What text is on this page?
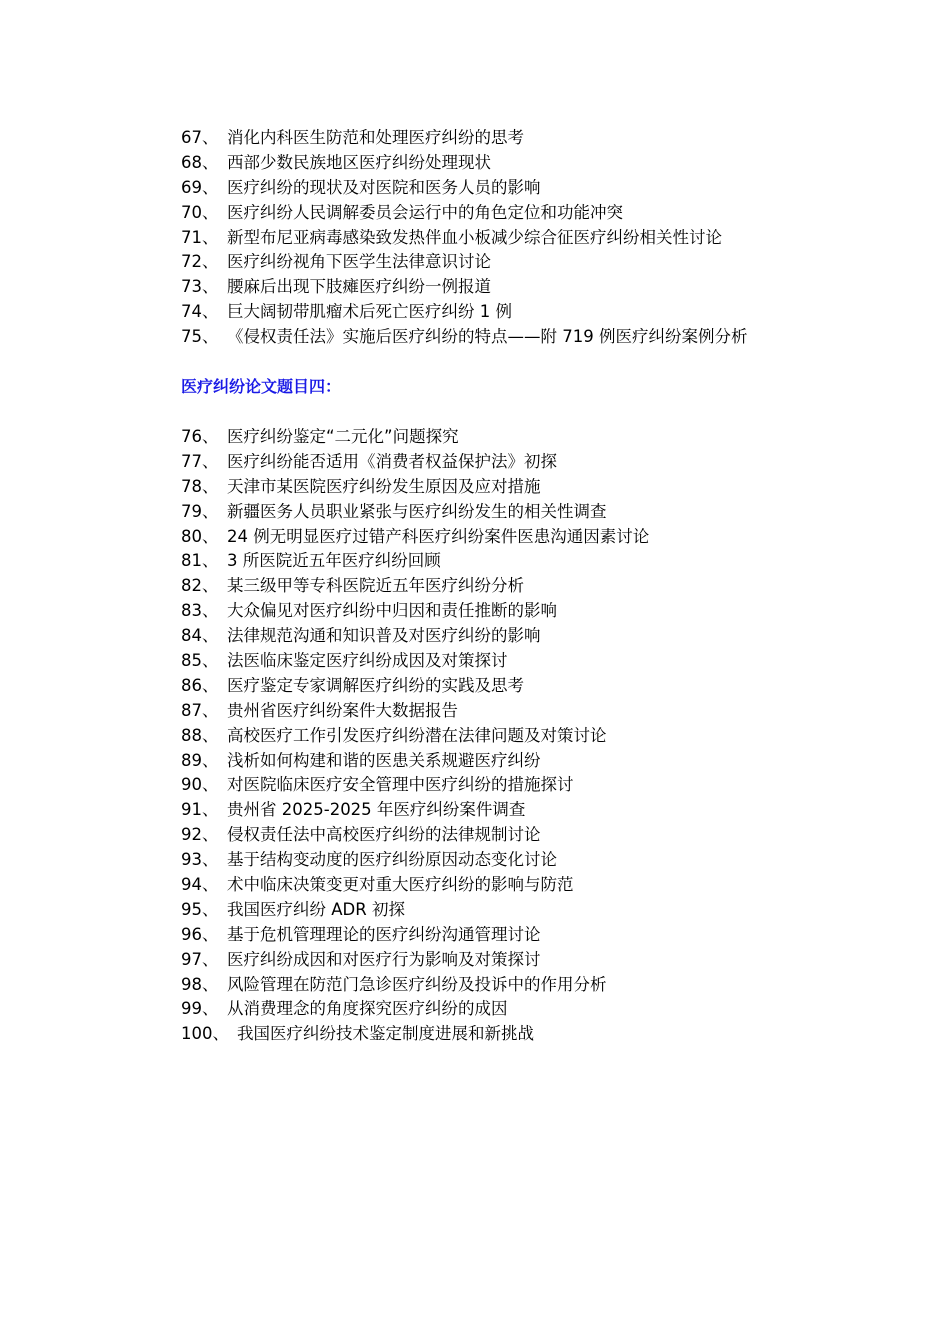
67、 消化内科医生防范和处理医疗纠纷的思考
68、 西部少数民族地区医疗纠纷处理现状
69、 医疗纠纷的现状及对医院和医务人员的影响
70、 医疗纠纷人民调解委员会运行中的角色定位和功能冲突
71、 新型布尼亚病毒感染致发热伴血小板减少综合征医疗纠纷相关性讨论
72、 医疗纠纷视角下医学生法律意识讨论
73、 腰麻后出现下肢瘫医疗纠纷一例报道
74、 巨大阔韧带肌瘤术后死亡医疗纠纷 1 例
75、 《侵权责任法》实施后医疗纠纷的特点——附 719 例医疗纠纷案例分析
医疗纠纷论文题目四：
76、 医疗纠纷鉴定“二元化”问题探究
77、 医疗纠纷能否适用《消费者权益保护法》初探
78、 天津市某医院医疗纠纷发生原因及应对措施
79、 新疆医务人员职业紧张与医疗纠纷发生的相关性调查
80、 24 例无明显医疗过错产科医疗纠纷案件医患沟通因素讨论
81、 3 所医院近五年医疗纠纷回顾
82、 某三级甲等专科医院近五年医疗纠纷分析
83、 大众偏见对医疗纠纷中归因和责任推断的影响
84、 法律规范沟通和知识普及对医疗纠纷的影响
85、 法医临床鉴定医疗纠纷成因及对策探讨
86、 医疗鉴定专家调解医疗纠纷的实践及思考
87、 贵州省医疗纠纷案件大数据报告
88、 高校医疗工作引发医疗纠纷潜在法律问题及对策讨论
89、 浅析如何构建和谐的医患关系规避医疗纠纷
90、 对医院临床医疗安全管理中医疗纠纷的措施探讨
91、 贵州省 2025-2025 年医疗纠纷案件调查
92、 侵权责任法中高校医疗纠纷的法律规制讨论
93、 基于结构变动度的医疗纠纷原因动态变化讨论
94、 术中临床决策变更对重大医疗纠纷的影响与防范
95、 我国医疗纠纷 ADR 初探
96、 基于危机管理理论的医疗纠纷沟通管理讨论
97、 医疗纠纷成因和对医疗行为影响及对策探讨
98、 风险管理在防范门急诊医疗纠纷及投诉中的作用分析
99、 从消费理念的角度探究医疗纠纷的成因
100、 我国医疗纠纷技术鉴定制度进展和新挑战
